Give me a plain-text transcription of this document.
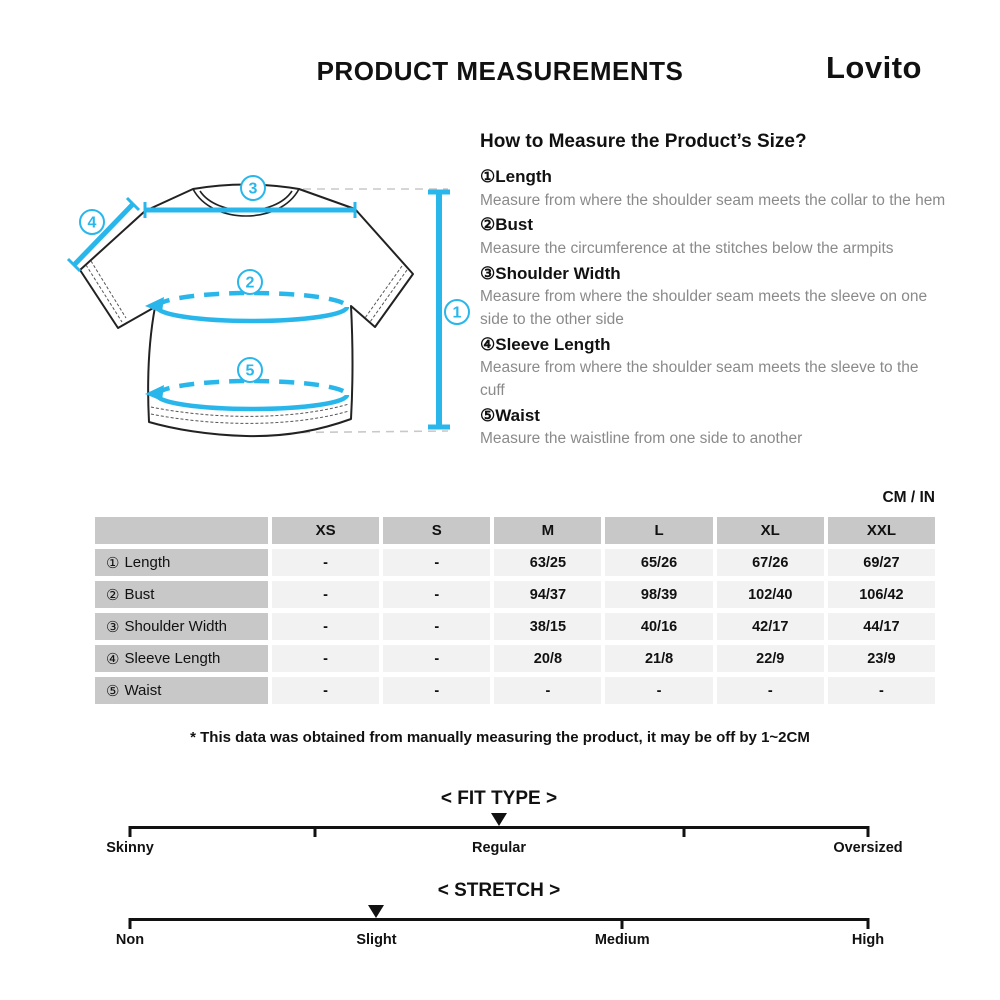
PRODUCT MEASUREMENTS	Lovito
1
2
3
4
5
How to Measure the Product’s Size?
①Length
Measure from where the shoulder seam meets the collar to the hem
②Bust
Measure the circumference at the stitches below the armpits
③Shoulder Width
Measure from where the shoulder seam meets the sleeve on one side to the other side
④Sleeve Length
Measure from where the shoulder seam meets the sleeve to the cuff
⑤Waist
Measure the waistline from one side to another
CM / IN
XS	S	M	L	XL	XXL
① Length	-	-	63/25	65/26	67/26	69/27
② Bust	-	-	94/37	98/39	102/40	106/42
③ Shoulder Width	-	-	38/15	40/16	42/17	44/17
④ Sleeve Length	-	-	20/8	21/8	22/9	23/9
⑤ Waist	-	-	-	-	-	-
* This data was obtained from manually measuring the product, it may be off by 1~2CM
< FIT TYPE >
Skinny	Regular	Oversized
< STRETCH >
Non	Slight	Medium	High
